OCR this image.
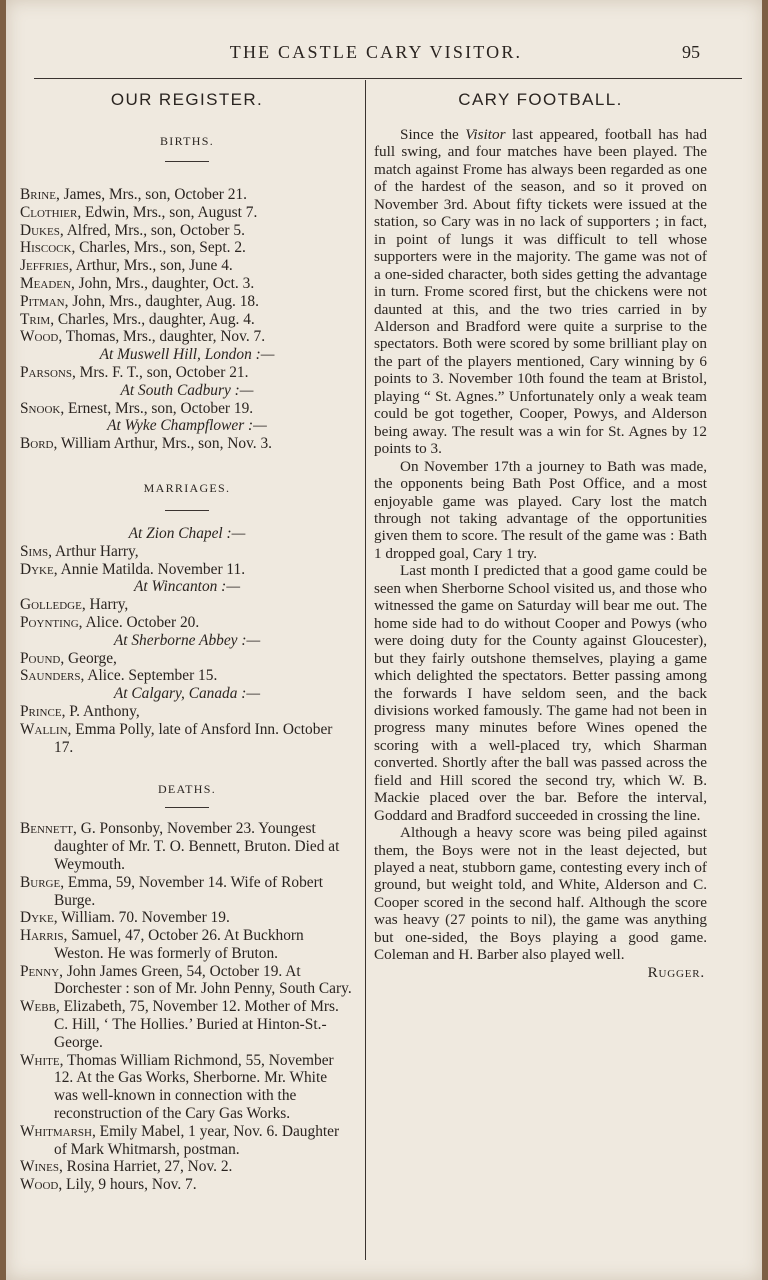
THE CASTLE CARY VISITOR.	95
OUR REGISTER.
BIRTHS.
Brine, James, Mrs., son, October 21.
Clothier, Edwin, Mrs., son, August 7.
Dukes, Alfred, Mrs., son, October 5.
Hiscock, Charles, Mrs., son, Sept. 2.
Jeffries, Arthur, Mrs., son, June 4.
Meaden, John, Mrs., daughter, Oct. 3.
Pitman, John, Mrs., daughter, Aug. 18.
Trim, Charles, Mrs., daughter, Aug. 4.
Wood, Thomas, Mrs., daughter, Nov. 7.
At Muswell Hill, London :—
Parsons, Mrs. F. T., son, October 21.
At South Cadbury :—
Snook, Ernest, Mrs., son, October 19.
At Wyke Champflower :—
Bord, William Arthur, Mrs., son, Nov. 3.
MARRIAGES.
At Zion Chapel :—
Sims, Arthur Harry,
Dyke, Annie Matilda. November 11.
At Wincanton :—
Golledge, Harry,
Poynting, Alice. October 20.
At Sherborne Abbey :—
Pound, George,
Saunders, Alice. September 15.
At Calgary, Canada :—
Prince, P. Anthony,
Wallin, Emma Polly, late of Ansford Inn. October 17.
DEATHS.
Bennett, G. Ponsonby, November 23. Youngest daughter of Mr. T. O. Bennett, Bruton. Died at Weymouth.
Burge, Emma, 59, November 14. Wife of Robert Burge.
Dyke, William. 70. November 19.
Harris, Samuel, 47, October 26. At Buckhorn Weston. He was formerly of Bruton.
Penny, John James Green, 54, October 19. At Dorchester : son of Mr. John Penny, South Cary.
Webb, Elizabeth, 75, November 12. Mother of Mrs. C. Hill, ‘ The Hollies.’ Buried at Hinton-St.-George.
White, Thomas William Richmond, 55, November 12. At the Gas Works, Sherborne. Mr. White was well-known in connection with the reconstruction of the Cary Gas Works.
Whitmarsh, Emily Mabel, 1 year, Nov. 6. Daughter of Mark Whitmarsh, postman.
Wines, Rosina Harriet, 27, Nov. 2.
Wood, Lily, 9 hours, Nov. 7.
CARY FOOTBALL.

Since the Visitor last appeared, football has had full swing, and four matches have been played. The match against Frome has always been regarded as one of the hardest of the season, and so it proved on November 3rd. About fifty tickets were issued at the station, so Cary was in no lack of supporters ; in fact, in point of lungs it was difficult to tell whose supporters were in the majority. The game was not of a one-sided character, both sides getting the advantage in turn. Frome scored first, but the chickens were not daunted at this, and the two tries carried in by Alderson and Bradford were quite a surprise to the spectators. Both were scored by some brilliant play on the part of the players mentioned, Cary winning by 6 points to 3. November 10th found the team at Bristol, playing “ St. Agnes.” Unfortunately only a weak team could be got together, Cooper, Powys, and Alderson being away. The result was a win for St. Agnes by 12 points to 3.

On November 17th a journey to Bath was made, the opponents being Bath Post Office, and a most enjoyable game was played. Cary lost the match through not taking advantage of the opportunities given them to score. The result of the game was : Bath 1 dropped goal, Cary 1 try.

Last month I predicted that a good game could be seen when Sherborne School visited us, and those who witnessed the game on Saturday will bear me out. The home side had to do without Cooper and Powys (who were doing duty for the County against Gloucester), but they fairly outshone themselves, playing a game which delighted the spectators. Better passing among the forwards I have seldom seen, and the back divisions worked famously. The game had not been in progress many minutes before Wines opened the scoring with a well-placed try, which Sharman converted. Shortly after the ball was passed across the field and Hill scored the second try, which W. B. Mackie placed over the bar. Before the interval, Goddard and Bradford succeeded in crossing the line.

Although a heavy score was being piled against them, the Boys were not in the least dejected, but played a neat, stubborn game, contesting every inch of ground, but weight told, and White, Alderson and C. Cooper scored in the second half. Although the score was heavy (27 points to nil), the game was anything but one-sided, the Boys playing a good game. Coleman and H. Barber also played well.
Rugger.
